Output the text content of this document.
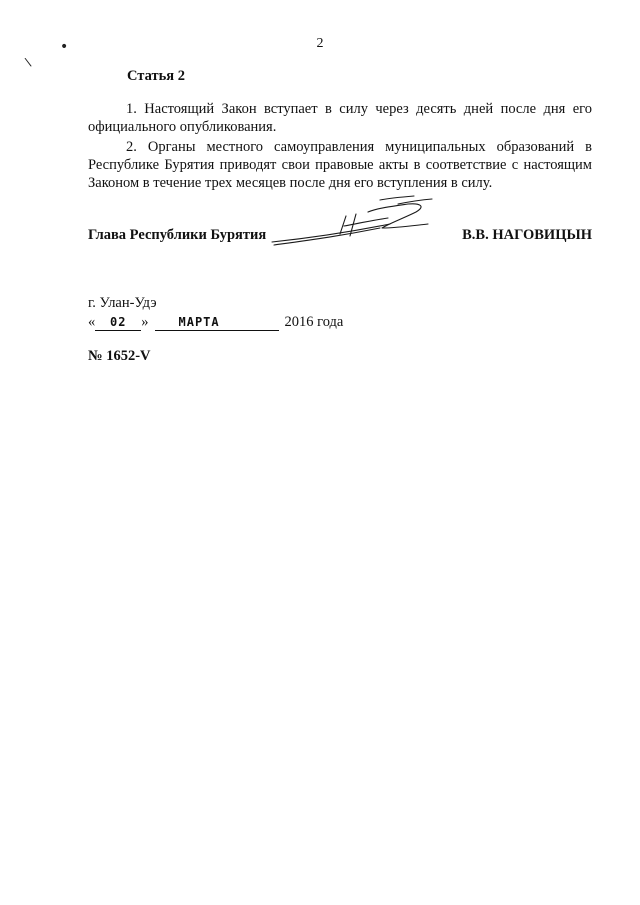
•
\
2
Статья 2

1. Настоящий Закон вступает в силу через десять дней после дня его официального опубликования.

2. Органы местного самоуправления муниципальных образований в Республике Бурятия приводят свои правовые акты в соответствие с настоящим Законом в течение трех месяцев после дня его вступления в силу.

Глава Республики Бурятия	В.В. НАГОВИЦЫН
г. Улан-Удэ
« 02 »	МАРТА	2016 года
№ 1652-V
